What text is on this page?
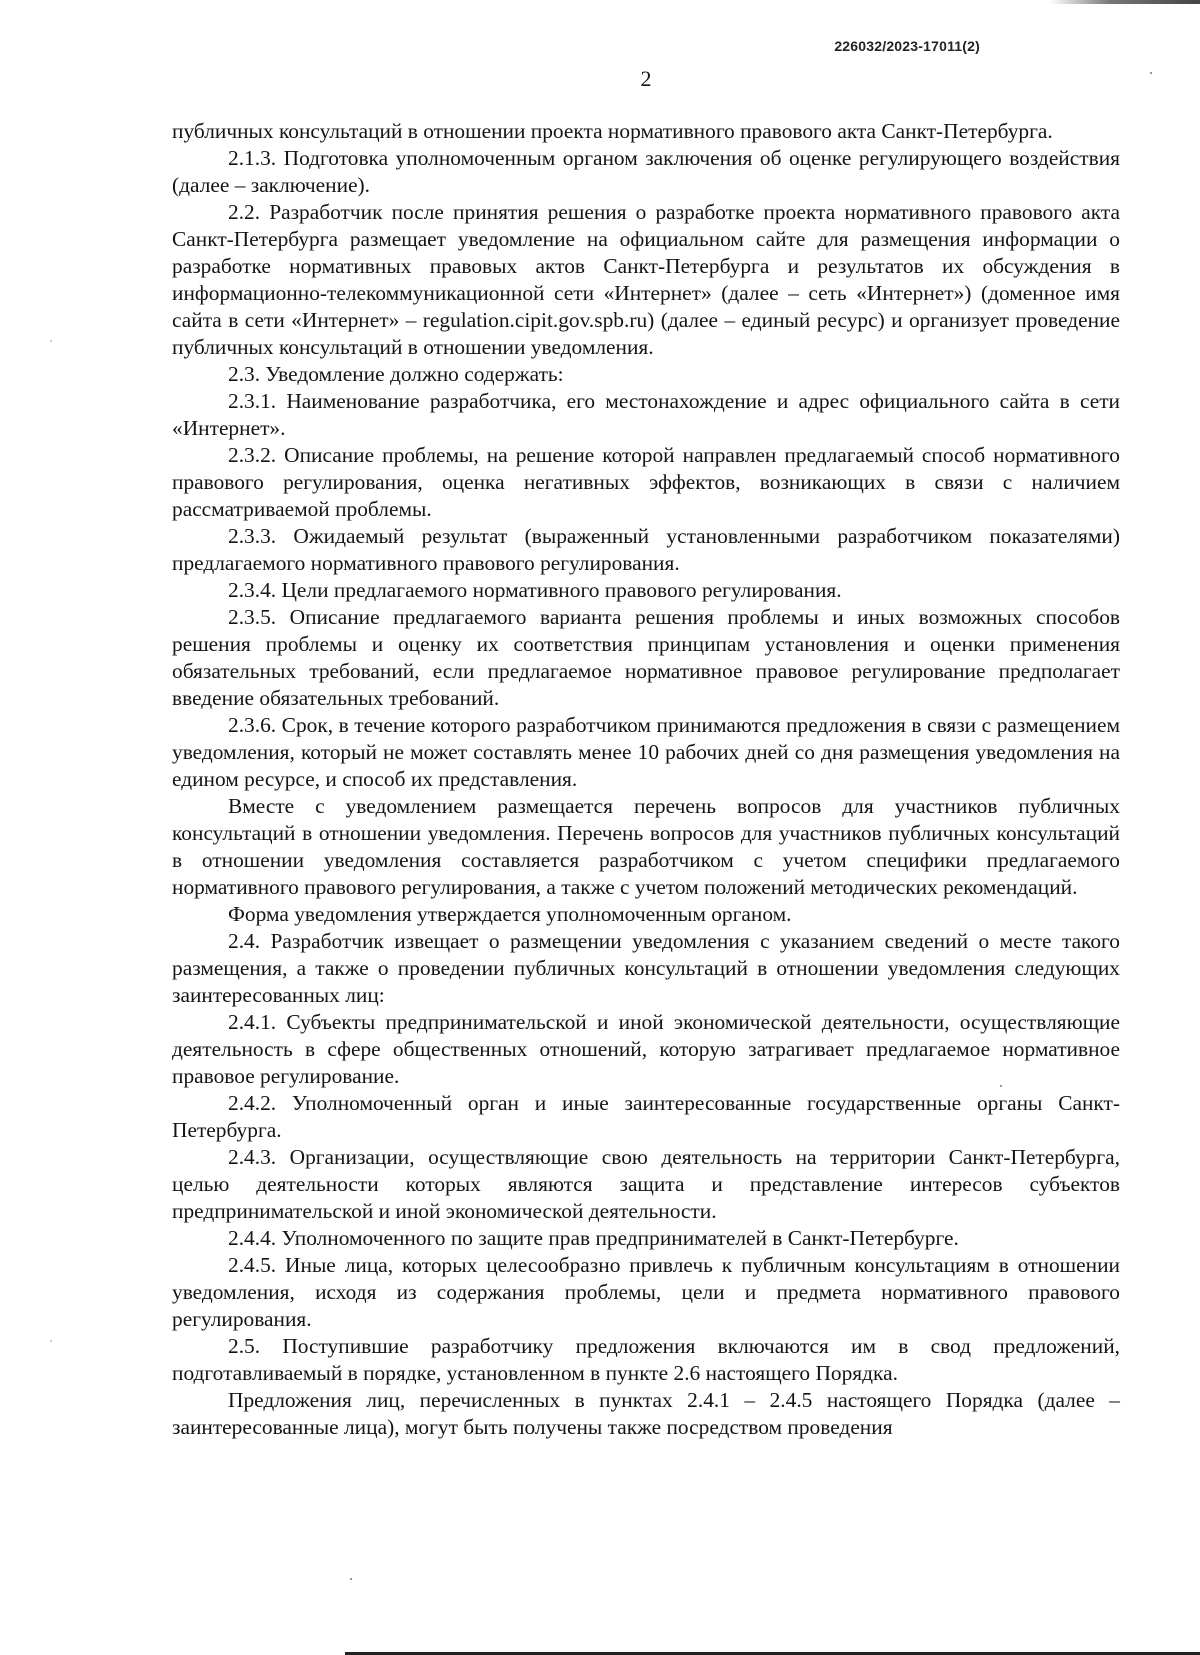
226032/2023-17011(2)
2

публичных консультаций в отношении проекта нормативного правового акта Санкт-Петербурга.

2.1.3. Подготовка уполномоченным органом заключения об оценке регулирующего воздействия (далее – заключение).

2.2. Разработчик после принятия решения о разработке проекта нормативного правового акта Санкт-Петербурга размещает уведомление на официальном сайте для размещения информации о разработке нормативных правовых актов Санкт-Петербурга и результатов их обсуждения в информационно-телекоммуникационной сети «Интернет» (далее – сеть «Интернет») (доменное имя сайта в сети «Интернет» – regulation.cipit.gov.spb.ru) (далее – единый ресурс) и организует проведение публичных консультаций в отношении уведомления.

2.3. Уведомление должно содержать:

2.3.1. Наименование разработчика, его местонахождение и адрес официального сайта в сети «Интернет».

2.3.2. Описание проблемы, на решение которой направлен предлагаемый способ нормативного правового регулирования, оценка негативных эффектов, возникающих в связи с наличием рассматриваемой проблемы.

2.3.3. Ожидаемый результат (выраженный установленными разработчиком показателями) предлагаемого нормативного правового регулирования.

2.3.4. Цели предлагаемого нормативного правового регулирования.

2.3.5. Описание предлагаемого варианта решения проблемы и иных возможных способов решения проблемы и оценку их соответствия принципам установления и оценки применения обязательных требований, если предлагаемое нормативное правовое регулирование предполагает введение обязательных требований.

2.3.6. Срок, в течение которого разработчиком принимаются предложения в связи с размещением уведомления, который не может составлять менее 10 рабочих дней со дня размещения уведомления на едином ресурсе, и способ их представления.

Вместе с уведомлением размещается перечень вопросов для участников публичных консультаций в отношении уведомления. Перечень вопросов для участников публичных консультаций в отношении уведомления составляется разработчиком с учетом специфики предлагаемого нормативного правового регулирования, а также с учетом положений методических рекомендаций.

Форма уведомления утверждается уполномоченным органом.

2.4. Разработчик извещает о размещении уведомления с указанием сведений о месте такого размещения, а также о проведении публичных консультаций в отношении уведомления следующих заинтересованных лиц:

2.4.1. Субъекты предпринимательской и иной экономической деятельности, осуществляющие деятельность в сфере общественных отношений, которую затрагивает предлагаемое нормативное правовое регулирование.

2.4.2. Уполномоченный орган и иные заинтересованные государственные органы Санкт-Петербурга.

2.4.3. Организации, осуществляющие свою деятельность на территории Санкт-Петербурга, целью деятельности которых являются защита и представление интересов субъектов предпринимательской и иной экономической деятельности.

2.4.4. Уполномоченного по защите прав предпринимателей в Санкт-Петербурге.

2.4.5. Иные лица, которых целесообразно привлечь к публичным консультациям в отношении уведомления, исходя из содержания проблемы, цели и предмета нормативного правового регулирования.

2.5. Поступившие разработчику предложения включаются им в свод предложений, подготавливаемый в порядке, установленном в пункте 2.6 настоящего Порядка.

Предложения лиц, перечисленных в пунктах 2.4.1 – 2.4.5 настоящего Порядка (далее – заинтересованные лица), могут быть получены также посредством проведения
